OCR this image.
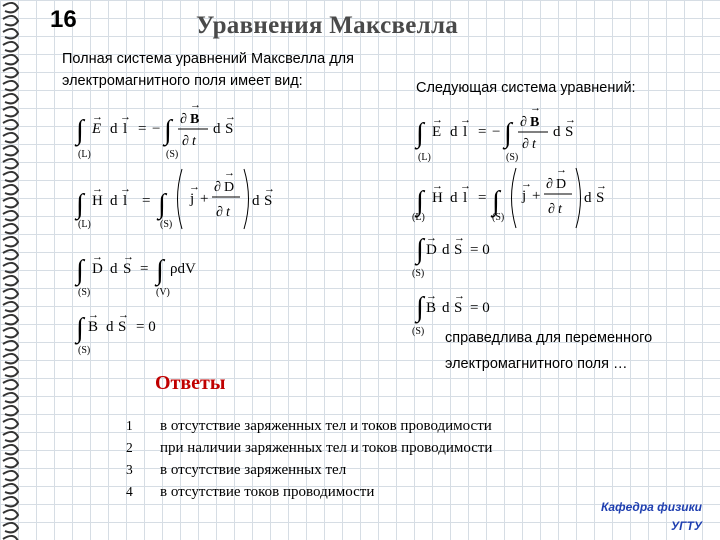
16	Уравнения Максвелла
Полная система уравнений Максвелла для
электромагнитного поля имеет вид:	Следующая система уравнений:
∫ E
→
d l
→
= − ∫ ∂ B
→
∂ t
d S
→
(L)	(S)
∫ H
→
d l
→
= ∫ j
→
+
∂ D
→
∂ t
d S
→
(L)	(S)
∫ D
→
d S
→
= ∫ ρdV
(S)	(V)
∫ B
→
d S
→
= 0
(S)
∫ E
→
d l
→
= − ∫ ∂ B
→
∂ t
d S
→
(L)	(S)
∫ H
→
d l
→
= ∫ j
→
+
∂ D
→
∂ t
d S
→
(L)	(S)
∫ D
→
d S
→
= 0
(S)
∫ B
→
d S
→
= 0
(S) справедлива для переменного
электромагнитного поля …
Ответы
1	в отсутствие заряженных тел и токов проводимости
2	при наличии заряженных тел и токов проводимости
3	в отсутствие заряженных тел
4	в отсутствие токов проводимости
Кафедра физики
УГТУ
